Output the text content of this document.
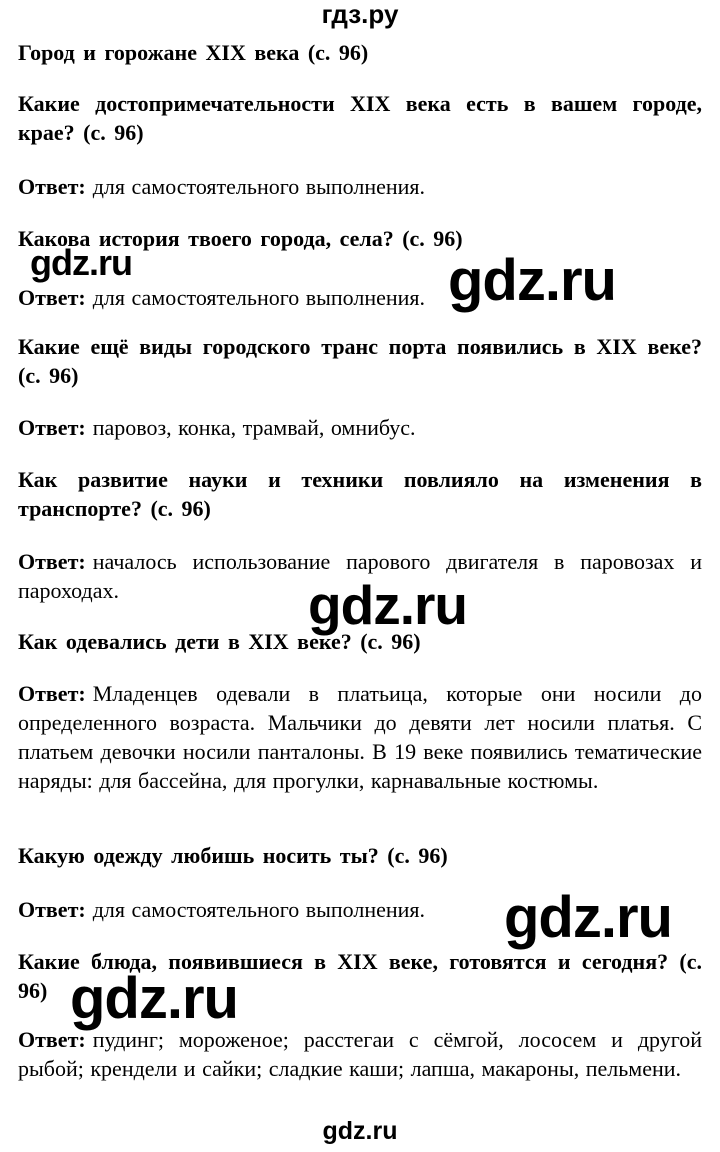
гдз.ру
Город и горожане XIX века (с. 96)
Какие достопримечательности XIX века есть в вашем городе, крае? (с. 96)
Ответ: для самостоятельного выполнения.
Какова история твоего города, села? (с. 96)
Ответ: для самостоятельного выполнения.
Какие ещё виды городского транс порта появились в XIX веке? (с. 96)
Ответ: паровоз, конка, трамвай, омнибус.
Как развитие науки и техники повлияло на изменения в транспорте? (с. 96)
Ответ: началось использование парового двигателя в паровозах и пароходах.
Как одевались дети в XIX веке? (с. 96)
Ответ: Младенцев одевали в платьица, которые они носили до определенного возраста. Мальчики до девяти лет носили платья. С платьем девочки носили панталоны. В 19 веке появились тематические наряды: для бассейна, для прогулки, карнавальные костюмы.
Какую одежду любишь носить ты? (с. 96)
Ответ: для самостоятельного выполнения.
Какие блюда, появившиеся в XIX веке, готовятся и сегодня? (с. 96)
Ответ: пудинг; мороженое; расстегаи с сёмгой, лососем и другой рыбой; крендели и сайки; сладкие каши; лапша, макароны, пельмени.
gdz.ru	gdz.ru
gdz.ru
gdz.ru
gdz.ru
gdz.ru
